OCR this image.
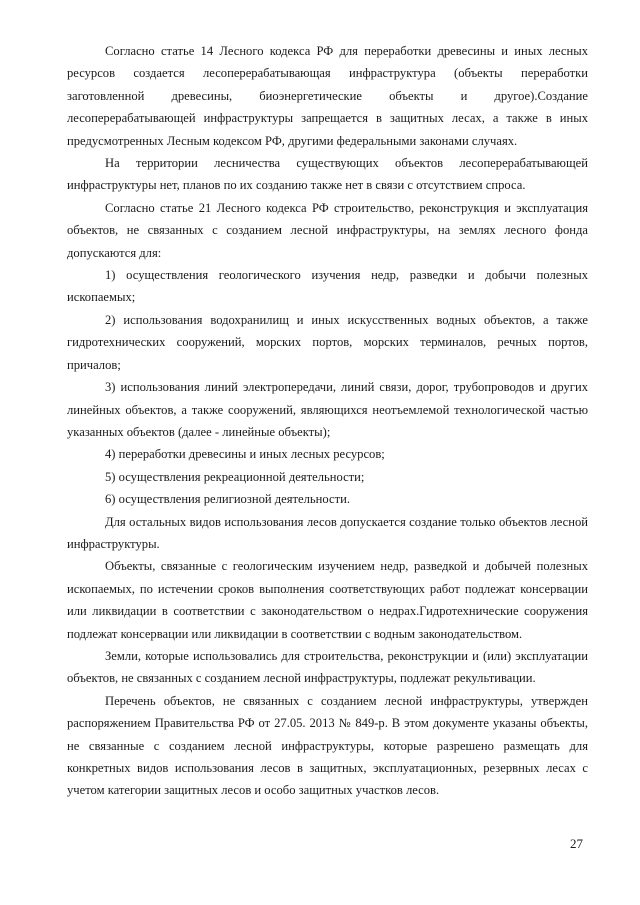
Согласно статье 14 Лесного кодекса РФ для переработки древесины и иных лесных ресурсов создается лесоперерабатывающая инфраструктура (объекты переработки заготовленной древесины, биоэнергетические объекты и другое).Создание лесоперерабатывающей инфраструктуры запрещается в защитных лесах, а также в иных предусмотренных Лесным кодексом РФ, другими федеральными законами случаях.

На территории лесничества существующих объектов лесоперерабатывающей инфраструктуры нет, планов по их созданию также нет в связи с отсутствием спроса.

Согласно статье 21 Лесного кодекса РФ строительство, реконструкция и эксплуатация объектов, не связанных с созданием лесной инфраструктуры, на землях лесного фонда допускаются для:

1) осуществления геологического изучения недр, разведки и добычи полезных ископаемых;

2) использования водохранилищ и иных искусственных водных объектов, а также гидротехнических сооружений, морских портов, морских терминалов, речных портов, причалов;

3) использования линий электропередачи, линий связи, дорог, трубопроводов и других линейных объектов, а также сооружений, являющихся неотъемлемой технологической частью указанных объектов (далее - линейные объекты);

4) переработки древесины и иных лесных ресурсов;

5) осуществления рекреационной деятельности;

6) осуществления религиозной деятельности.

Для остальных видов использования лесов допускается создание только объектов лесной инфраструктуры.

Объекты, связанные с геологическим изучением недр, разведкой и добычей полезных ископаемых, по истечении сроков выполнения соответствующих работ подлежат консервации или ликвидации в соответствии с законодательством о недрах.Гидротехнические сооружения подлежат консервации или ликвидации в соответствии с водным законодательством.

Земли, которые использовались для строительства, реконструкции и (или) эксплуатации объектов, не связанных с созданием лесной инфраструктуры, подлежат рекультивации.

Перечень объектов, не связанных с созданием лесной инфраструктуры, утвержден распоряжением Правительства РФ от 27.05. 2013 № 849-р. В этом документе указаны объекты, не связанные с созданием лесной инфраструктуры, которые разрешено размещать для конкретных видов использования лесов в защитных, эксплуатационных, резервных лесах с учетом категории защитных лесов и особо защитных участков лесов.

27
